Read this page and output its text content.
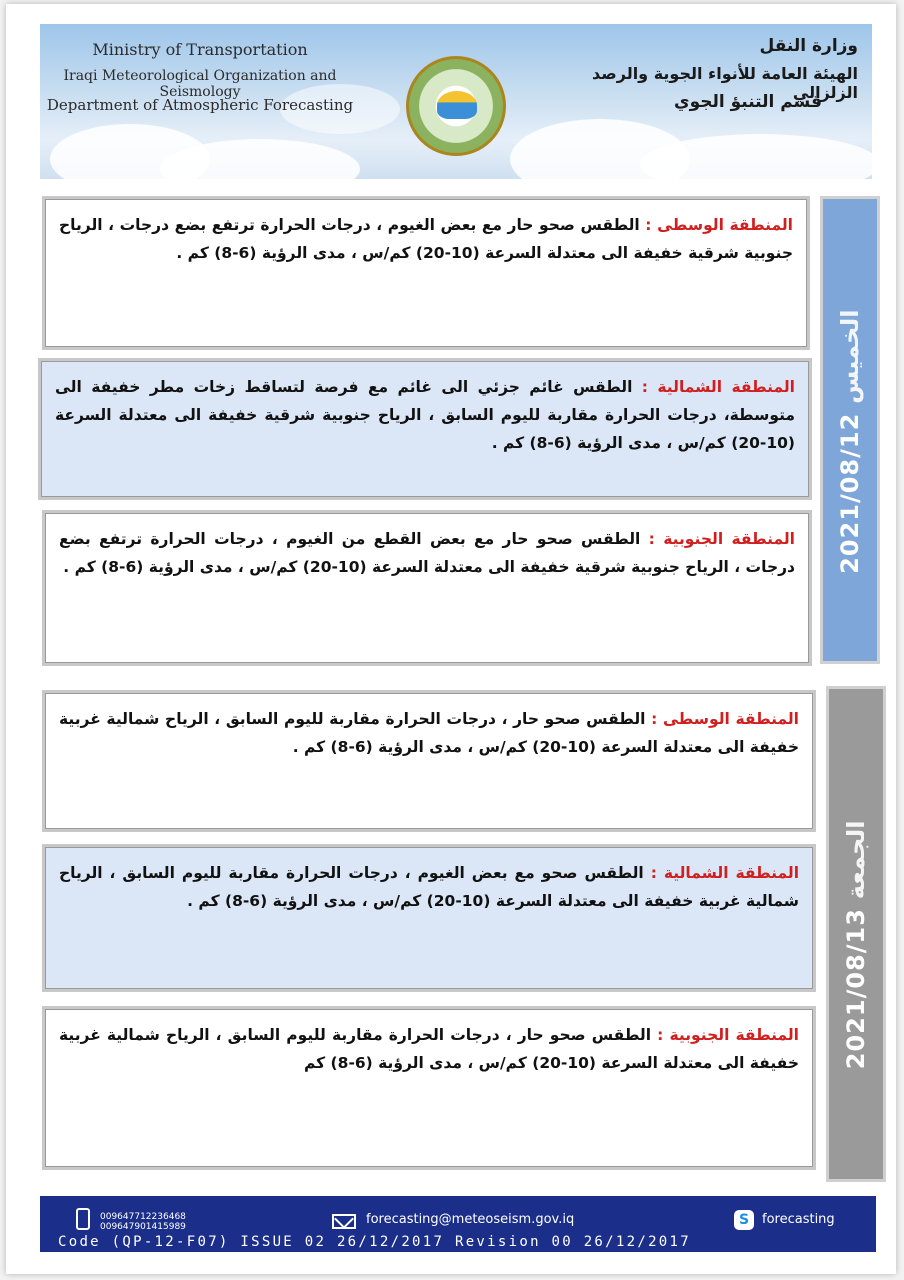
Ministry of Transportation
Iraqi Meteorological Organization and Seismology
Department of Atmospheric Forecasting
وزارة النقل
الهيئة العامة للأنواء الجوية والرصد الزلزالي
قسم التنبؤ الجوي
2021/08/12 الخميس
المنطقة الوسطى : الطقس صحو حار مع بعض الغيوم ، درجات الحرارة ترتفع بضع درجات ، الرياح جنوبية شرقية خفيفة الى معتدلة السرعة (10-20) كم/س ، مدى الرؤية (6-8) كم .
المنطقة الشمالية : الطقس غائم جزئي الى غائم مع فرصة لتساقط زخات مطر خفيفة الى متوسطة، درجات الحرارة مقاربة لليوم السابق ، الرياح جنوبية شرقية خفيفة الى معتدلة السرعة (10-20) كم/س ، مدى الرؤية (6-8) كم .
المنطقة الجنوبية : الطقس صحو حار مع بعض القطع من الغيوم ، درجات الحرارة ترتفع بضع درجات ، الرياح جنوبية شرقية خفيفة الى معتدلة السرعة (10-20) كم/س ، مدى الرؤية (6-8) كم .
2021/08/13 الجمعة
المنطقة الوسطى : الطقس صحو حار ، درجات الحرارة مقاربة لليوم السابق ، الرياح شمالية غربية خفيفة الى معتدلة السرعة (10-20) كم/س ، مدى الرؤية (6-8) كم .
المنطقة الشمالية : الطقس صحو مع بعض الغيوم ، درجات الحرارة مقاربة لليوم السابق ، الرياح شمالية غربية خفيفة الى معتدلة السرعة (10-20) كم/س ، مدى الرؤية (6-8) كم .
المنطقة الجنوبية : الطقس صحو حار ، درجات الحرارة مقاربة لليوم السابق ، الرياح شمالية غربية خفيفة الى معتدلة السرعة (10-20) كم/س ، مدى الرؤية (6-8) كم
009647712236468
009647901415989	forecasting@meteoseism.gov.iq	S forecasting
Code (QP-12-F07) ISSUE 02 26/12/2017 Revision 00 26/12/2017
